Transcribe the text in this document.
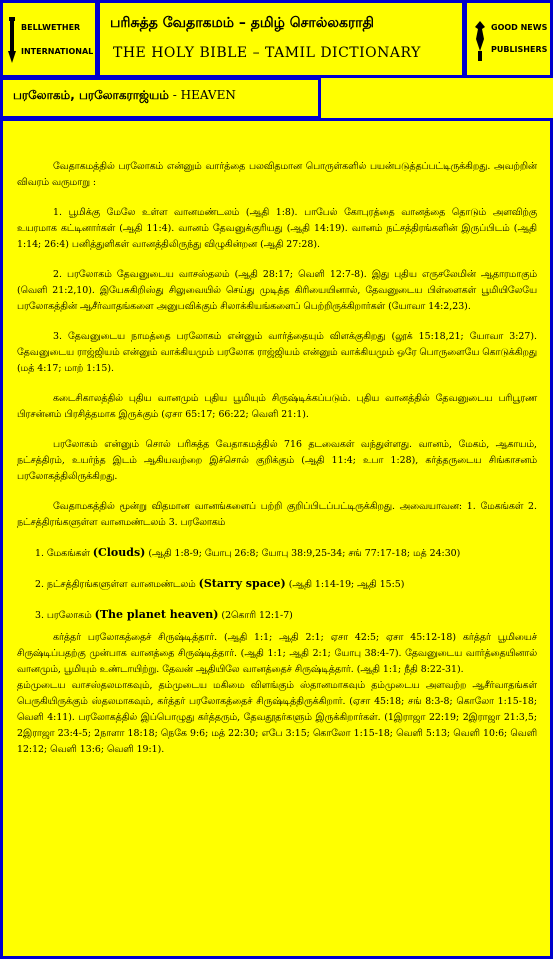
BELLWETHER
INTERNATIONAL
பரிசுத்த வேதாகமம் – தமிழ் சொல்லகராதி
THE HOLY BIBLE – TAMIL DICTIONARY
GOOD NEWS
PUBLISHERS
பரலோகம், பரலோகராஜ்யம் - HEAVEN

வேதாகமத்தில் பரலோகம் என்னும் வார்த்தை பலவிதமான பொருள்களில் பயன்படுத்தப்பட்டிருக்கிறது. அவற்றின் விவரம் வருமாறு :

1. பூமிக்கு மேலே உள்ள வானமண்டலம் (ஆதி 1:8). பாபேல் கோபுரத்தை வானத்தை தொடும் அளவிற்கு உயரமாக கட்டினார்கள் (ஆதி 11:4). வானம் தேவனுக்குரியது (ஆதி 14:19). வானம் நட்சத்திரங்களின் இருப்பிடம் (ஆதி 1:14; 26:4) பனித்துளிகள் வானத்திலிருந்து விழுகின்றன (ஆதி 27:28).

2. பரலோகம் தேவனுடைய வாசஸ்தலம் (ஆதி 28:17; வெளி 12:7-8). இது புதிய எருசலேமின் ஆதாரமாகும் (வெளி 21:2,10). இயேசுகிறிஸ்து சிலுவையில் செய்து முடித்த கிரியையினால், தேவனுடைய பிள்ளைகள் பூமியிலேயே பரலோகத்தின் ஆசீர்வாதங்களை அனுபவிக்கும் சிலாக்கியங்களைப் பெற்றிருக்கிறார்கள் (யோவா 14:2,23).

3. தேவனுடைய நாமத்தை பரலோகம் என்னும் வார்த்தையும் விளக்குகிறது (லூக் 15:18,21; யோவா 3:27). தேவனுடைய ராஜ்ஜியம் என்னும் வாக்கியமும் பரலோக ராஜ்ஜியம் என்னும் வாக்கியமும் ஒரே பொருளையே கொடுக்கிறது (மத் 4:17; மாற் 1:15).

கடைசிகாலத்தில் புதிய வானமும் புதிய பூமியும் சிருஷ்டிக்கப்படும். புதிய வானத்தில் தேவனுடைய பரிபூரண பிரசன்னம் பிரசித்தமாக இருக்கும் (ஏசா 65:17; 66:22; வெளி 21:1).

பரலோகம் என்னும் சொல் பரிசுத்த வேதாகமத்தில் 716 தடவைகள் வந்துள்ளது. வானம், மேகம், ஆகாயம், நட்சத்திரம், உயர்ந்த இடம் ஆகியவற்றை இச்சொல் குறிக்கும் (ஆதி 11:4; உபா 1:28), கர்த்தருடைய சிங்காசனம் பரலோகத்திலிருக்கிறது.

வேதாமகத்தில் மூன்று விதமான வானங்களைப் பற்றி குறிப்பிடப்பட்டிருக்கிறது. அவையாவன: 1. மேகங்கள் 2. நட்சத்திரங்களுள்ள வானமண்டலம் 3. பரலோகம்

1. மேகங்கள் (Clouds) (ஆதி 1:8-9; யோபு 26:8; யோபு 38:9,25-34; சங் 77:17-18; மத் 24:30)

2. நட்சத்திரங்களுள்ள வானமண்டலம் (Starry space) (ஆதி 1:14-19; ஆதி 15:5)

3. பரலோகம் (The planet heaven) (2கொரி 12:1-7)

கர்த்தர் பரலோகத்தைச் சிருஷ்டித்தார். (ஆதி 1:1; ஆதி 2:1; ஏசா 42:5; ஏசா 45:12-18) கர்த்தர் பூமியைச் சிருஷ்டிப்பதற்கு முன்பாக வானத்தை சிருஷ்டித்தார். (ஆதி 1:1; ஆதி 2:1; யோபு 38:4-7). தேவனுடைய வார்த்தையினால் வானமும், பூமியும் உண்டாயிற்று. தேவன் ஆதியிலே வானத்தைச் சிருஷ்டித்தார். (ஆதி 1:1; நீதி 8:22-31).

தம்முடைய வாசஸ்தலமாகவும், தம்முடைய மகிமை விளங்கும் ஸ்தானமாகவும் தம்முடைய அளவற்ற ஆசீர்வாதங்கள் பெருகியிருக்கும் ஸ்தலமாகவும், கர்த்தர் பரலோகத்தைச் சிருஷ்டித்திருக்கிறார். (ஏசா 45:18; சங் 8:3-8; கொலோ 1:15-18; வெளி 4:11). பரலோகத்தில் இப்பொழுது கர்த்தரும், தேவதூதர்களும் இருக்கிறார்கள். (1இராஜா 22:19; 2இராஜா 21:3,5; 2இராஜா 23:4-5; 2நாளா 18:18; நெகே 9:6; மத் 22:30; எபே 3:15; கொலோ 1:15-18; வெளி 5:13; வெளி 10:6; வெளி 12:12; வெளி 13:6; வெளி 19:1).
